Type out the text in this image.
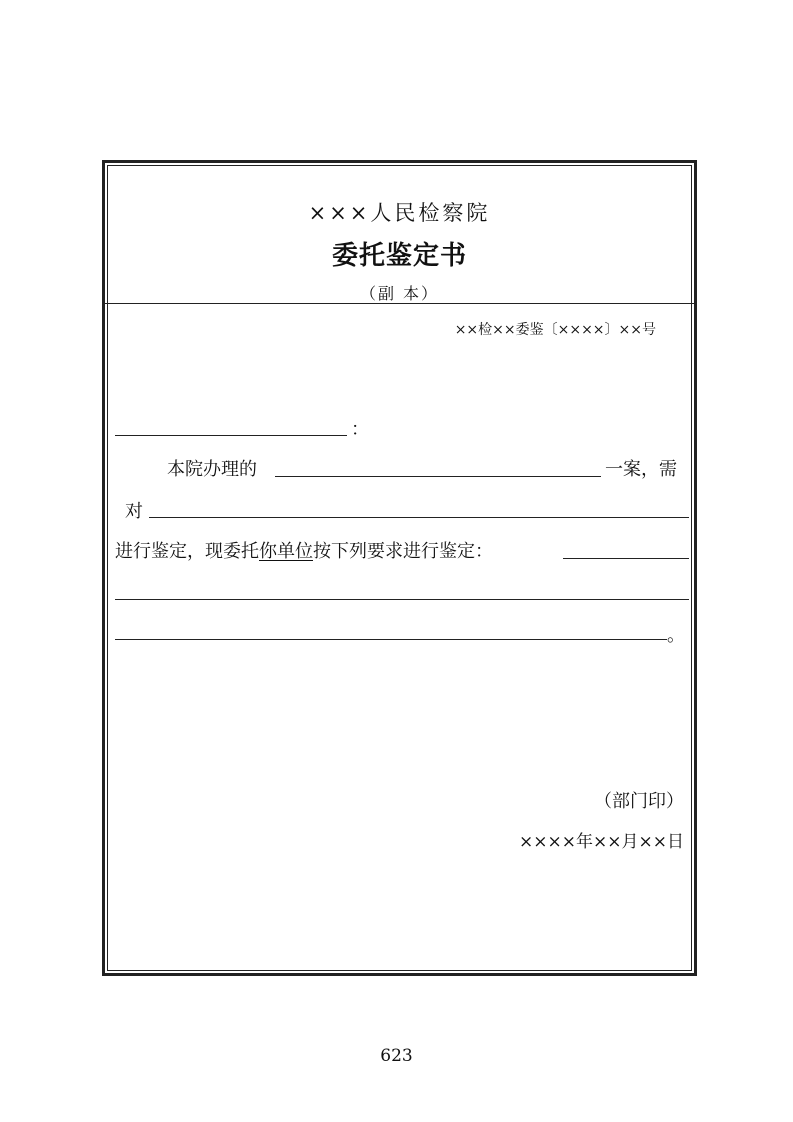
×××人民检察院
委托鉴定书
（副 本）
××检××委鉴〔××××〕××号
：
本院办理的	一案，需
对
进行鉴定，现委托你单位按下列要求进行鉴定：
。
（部门印）
××××年××月××日
623
